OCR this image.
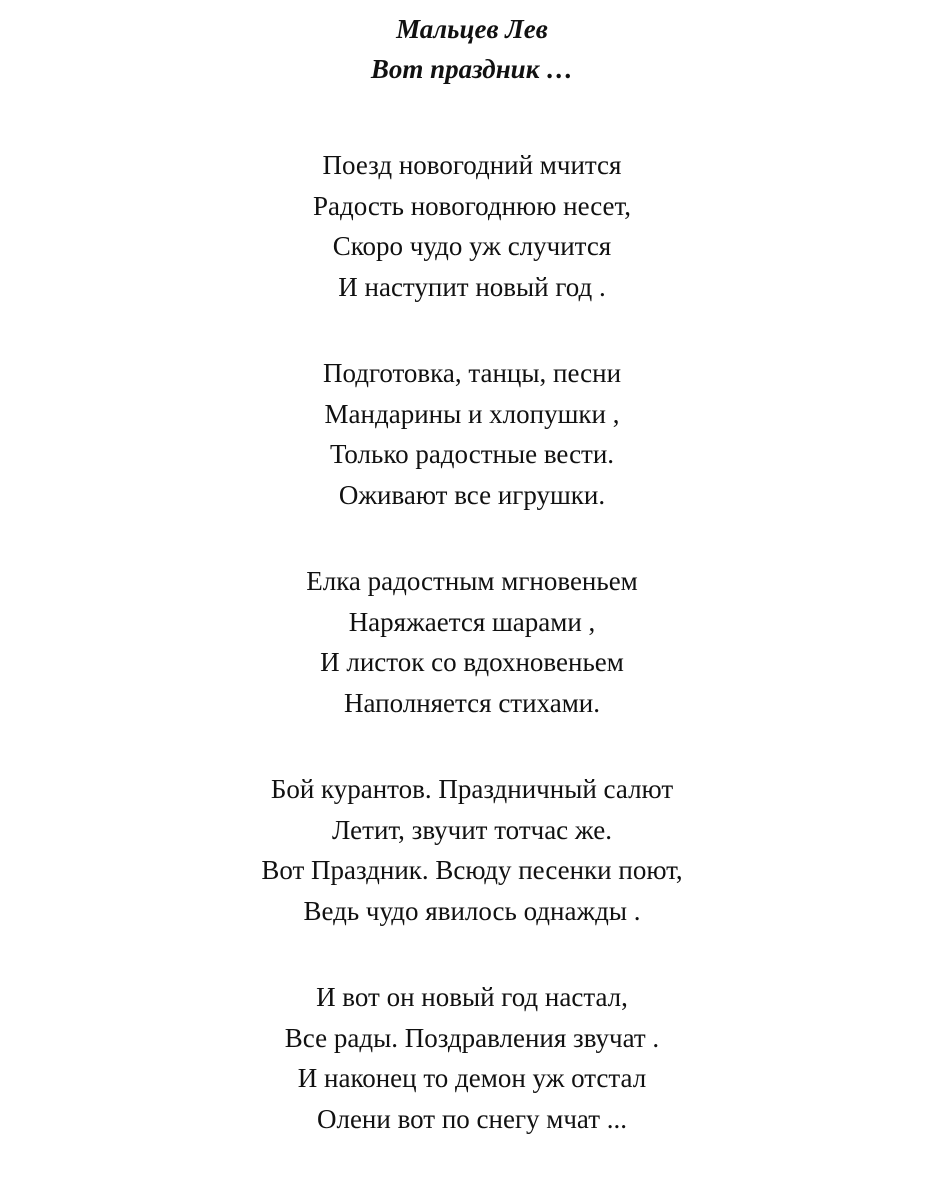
Мальцев Лев
Вот праздник …
Поезд новогодний мчится
Радость новогоднюю несет,
Скоро чудо уж случится
И наступит новый год .
Подготовка, танцы, песни
Мандарины и хлопушки ,
Только радостные вести.
Оживают все игрушки.
Елка радостным мгновеньем
Наряжается шарами ,
И листок со вдохновеньем
Наполняется стихами.
Бой курантов. Праздничный салют
Летит, звучит тотчас же.
Вот Праздник. Всюду песенки поют,
Ведь чудо явилось однажды .
И вот он новый год настал,
Все рады. Поздравления звучат .
И наконец то демон уж отстал
Олени вот по снегу мчат ...
